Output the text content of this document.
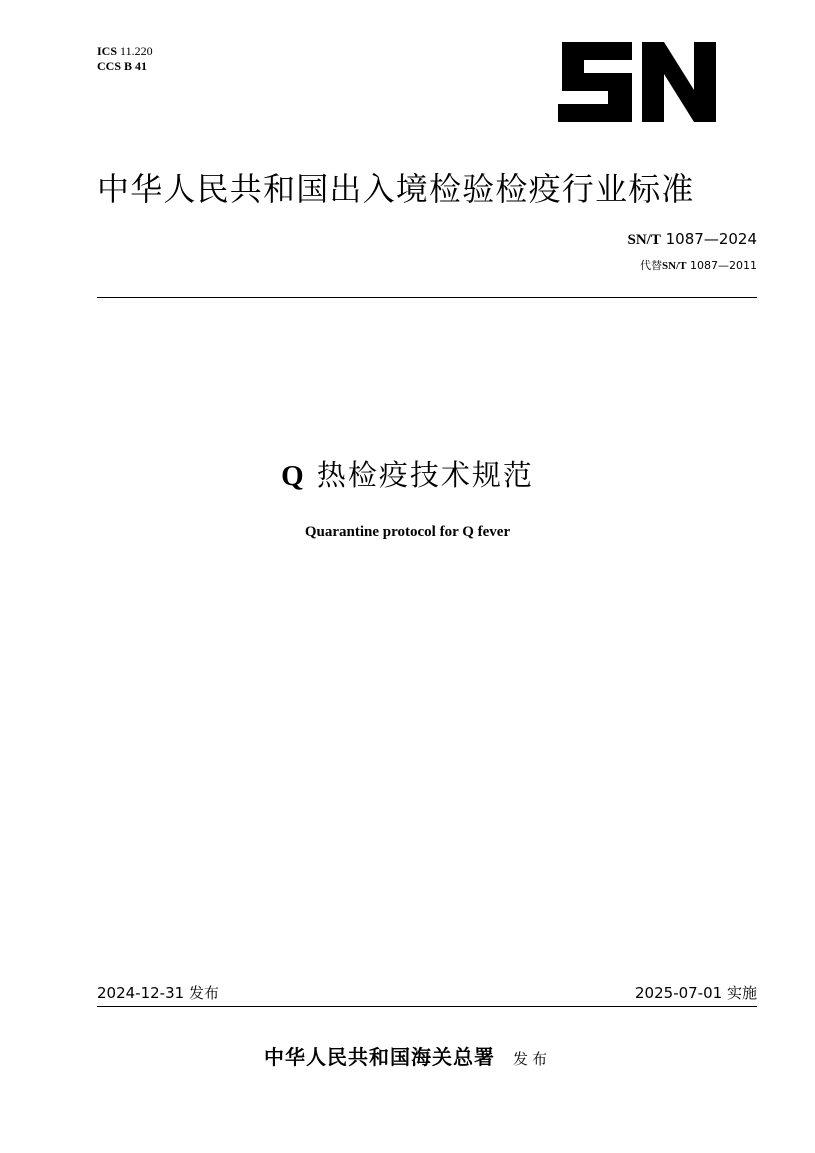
ICS 11.220
CCS B 41
中华人民共和国出入境检验检疫行业标准
SN/T 1087—2024
代替SN/T 1087—2011
Q 热检疫技术规范
Quarantine protocol for Q fever
2024-12-31 发布	2025-07-01 实施
中华人民共和国海关总署 发布
